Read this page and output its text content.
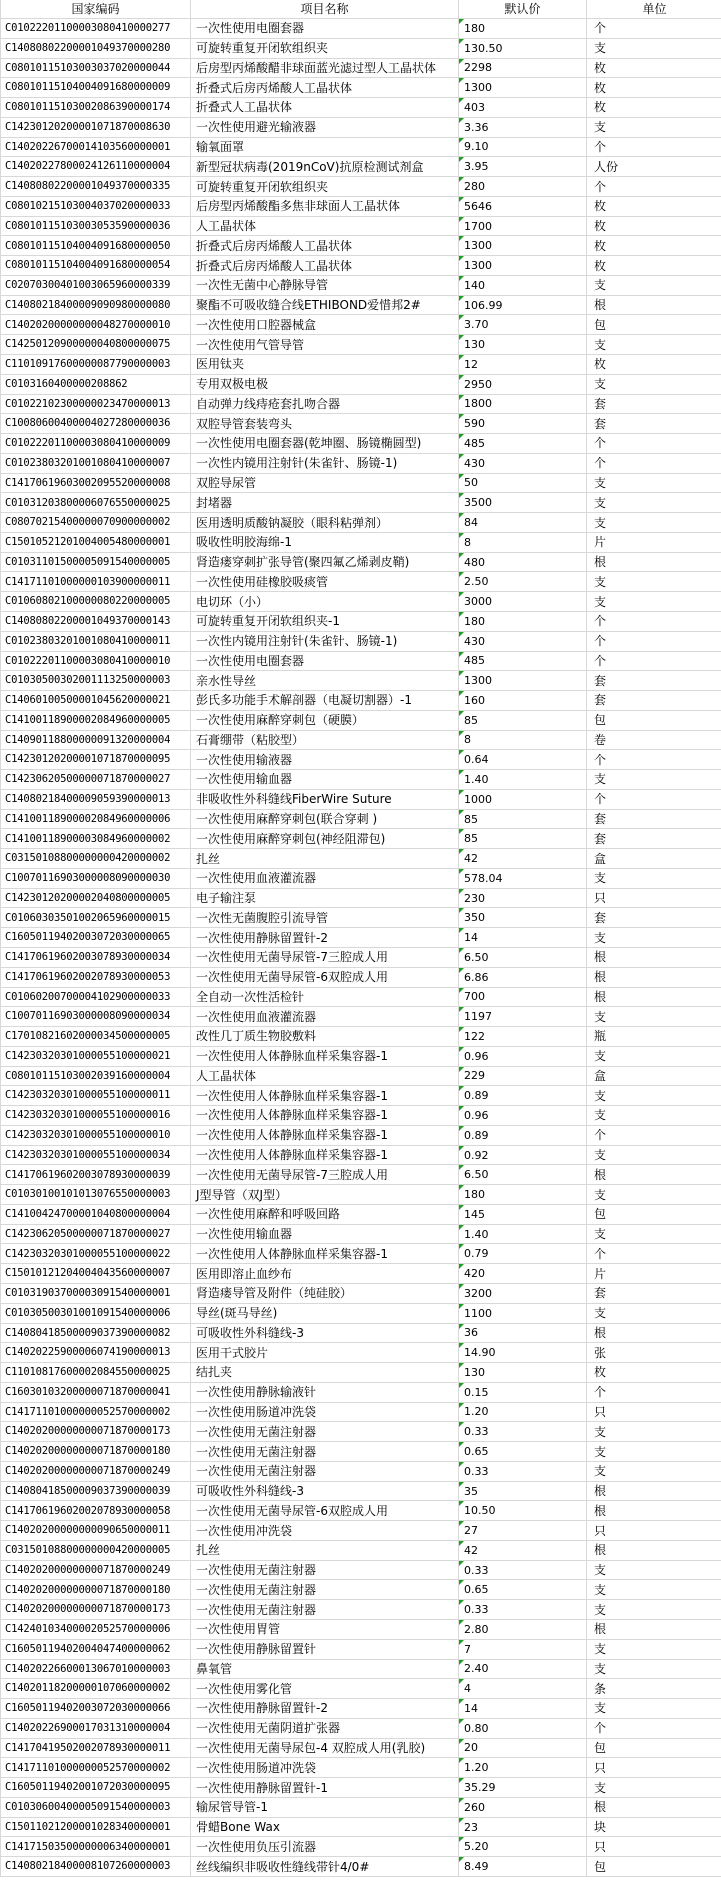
国家编码	项目名称	默认价	单位
C01022201100003080410000277	一次性使用电圈套器	180	个
C14080802200001049370000280	可旋转重复开闭软组织夹	130.50	支
C08010115103003037020000044	后房型丙烯酸醋非球面蓝光滤过型人工晶状体	2298	枚
C08010115104004091680000009	折叠式后房丙烯酸人工晶状体	1300	枚
C08010115103002086390000174	折叠式人工晶状体	403	枚
C14230120200001071870008630	一次性使用避光输液器	3.36	支
C14020226700014103560000001	输氧面罩	9.10	个
C14020227800024126110000004	新型冠状病毒(2019nCoV)抗原检测试剂盒	3.95	人份
C14080802200001049370000335	可旋转重复开闭软组织夹	280	个
C08010215103004037020000033	后房型丙烯酸酯多焦非球面人工晶状体	5646	枚
C08010115103003053590000036	人工晶状体	1700	枚
C08010115104004091680000050	折叠式后房丙烯酸人工晶状体	1300	枚
C08010115104004091680000054	折叠式后房丙烯酸人工晶状体	1300	枚
C02070300401003065960000339	一次性无菌中心静脉导管	140	支
C14080218400009090980000080	聚酯不可吸收缝合线ETHIBOND爱惜邦2#	106.99	根
C14020200000000048270000010	一次性使用口腔器械盒	3.70	包
C14250120900000040800000075	一次性使用气管导管	130	支
C11010917600000087790000003	医用钛夹	12	枚
C0103160400000208862	专用双极电极	2950	支
C01022102300000023470000013	自动弹力线痔疮套扎吻合器	1800	套
C10080600400004027280000036	双腔导管套装弯头	590	套
C01022201100003080410000009	一次性使用电圈套器(乾坤圈、肠镜椭圆型)	485	个
C01023803201001080410000007	一次性内镜用注射针(朱雀针、肠镜-1)	430	个
C14170619603002095520000008	双腔导尿管	50	支
C01031203800006076550000025	封堵器	3500	支
C08070215400000070900000002	医用透明质酸钠凝胶（眼科粘弹剂）	84	支
C15010521201004005480000001	吸收性明胶海绵-1	8	片
C01031101500005091540000005	肾造瘘穿刺扩张导管(聚四氟乙烯剥皮鞘)	480	根
C14171101000000103900000011	一次性使用硅橡胶吸痰管	2.50	支
C01060802100000080220000005	电切环（小）	3000	支
C14080802200001049370000143	可旋转重复开闭软组织夹-1	180	个
C01023803201001080410000011	一次性内镜用注射针(朱雀针、肠镜-1)	430	个
C01022201100003080410000010	一次性使用电圈套器	485	个
C01030500302001113250000003	亲水性导丝	1300	套
C14060100500001045620000021	彭氏多功能手术解剖器（电凝切割器）-1	160	套
C14100118900002084960000005	一次性使用麻醉穿刺包（硬膜）	85	包
C14090118800000091320000004	石膏绷带（粘胶型）	8	卷
C14230120200001071870000095	一次性使用输液器	0.64	个
C14230620500000071870000027	一次性使用输血器	1.40	支
C14080218400009059390000013	非吸收性外科缝线FiberWire Suture	1000	个
C14100118900002084960000006	一次性使用麻醉穿刺包(联合穿刺 )	85	套
C14100118900003084960000002	一次性使用麻醉穿刺包(神经阻滞包)	85	套
C03150108800000000420000002	扎丝	42	盒
C10070116903000008090000030	一次性使用血液灌流器	578.04	支
C14230120200002040800000005	电子输注泵	230	只
C01060303501002065960000015	一次性无菌腹腔引流导管	350	套
C16050119402003072030000065	一次性使用静脉留置针-2	14	支
C14170619602003078930000034	一次性使用无菌导尿管-7三腔成人用	6.50	根
C14170619602002078930000053	一次性使用无菌导尿管-6双腔成人用	6.86	根
C01060200700004102900000033	全自动一次性活检针	700	根
C10070116903000008090000034	一次性使用血液灌流器	1197	支
C17010821602000034500000005	改性几丁质生物胶敷料	122	瓶
C14230320301000055100000021	一次性使用人体静脉血样采集容器-1	0.96	支
C08010115103002039160000004	人工晶状体	229	盒
C14230320301000055100000011	一次性使用人体静脉血样采集容器-1	0.89	支
C14230320301000055100000016	一次性使用人体静脉血样采集容器-1	0.96	支
C14230320301000055100000010	一次性使用人体静脉血样采集容器-1	0.89	个
C14230320301000055100000034	一次性使用人体静脉血样采集容器-1	0.92	支
C14170619602003078930000039	一次性使用无菌导尿管-7三腔成人用	6.50	根
C01030100101013076550000003	J型导管（双J型）	180	支
C14100424700001040800000004	一次性使用麻醉和呼吸回路	145	包
C14230620500000071870000027	一次性使用输血器	1.40	支
C14230320301000055100000022	一次性使用人体静脉血样采集容器-1	0.79	个
C15010121204004043560000007	医用即溶止血纱布	420	片
C01031903700003091540000001	肾造瘘导管及附件（纯硅胶）	3200	套
C01030500301001091540000006	导丝(斑马导丝)	1100	支
C14080418500009037390000082	可吸收性外科缝线-3	36	根
C14020225900006074190000013	医用干式胶片	14.90	张
C11010817600002084550000025	结扎夹	130	枚
C16030103200000071870000041	一次性使用静脉输液针	0.15	个
C14171101000000052570000002	一次性使用肠道冲洗袋	1.20	只
C14020200000000071870000173	一次性使用无菌注射器	0.33	支
C14020200000000071870000180	一次性使用无菌注射器	0.65	支
C14020200000000071870000249	一次性使用无菌注射器	0.33	支
C14080418500009037390000039	可吸收性外科缝线-3	35	根
C14170619602002078930000058	一次性使用无菌导尿管-6双腔成人用	10.50	根
C14020200000000090650000011	一次性使用冲洗袋	27	只
C03150108800000000420000005	扎丝	42	根
C14020200000000071870000249	一次性使用无菌注射器	0.33	支
C14020200000000071870000180	一次性使用无菌注射器	0.65	支
C14020200000000071870000173	一次性使用无菌注射器	0.33	支
C14240103400002052570000006	一次性使用胃管	2.80	根
C16050119402004047400000062	一次性使用静脉留置针	7	支
C14020226600013067010000003	鼻氧管	2.40	支
C14020118200000107060000002	一次性使用雾化管	4	条
C16050119402003072030000066	一次性使用静脉留置针-2	14	支
C14020226900017031310000004	一次性使用无菌阴道扩张器	0.80	个
C14170419502002078930000011	一次性使用无菌导尿包-4 双腔成人用(乳胶)	20	包
C14171101000000052570000002	一次性使用肠道冲洗袋	1.20	只
C16050119402001072030000095	一次性使用静脉留置针-1	35.29	支
C01030600400005091540000003	输尿管导管-1	260	根
C15011021200001028340000001	骨蜡Bone Wax	23	块
C14171503500000006340000001	一次性使用负压引流器	5.20	只
C14080218400008107260000003	丝线编织非吸收性缝线带针4/0#	8.49	包
